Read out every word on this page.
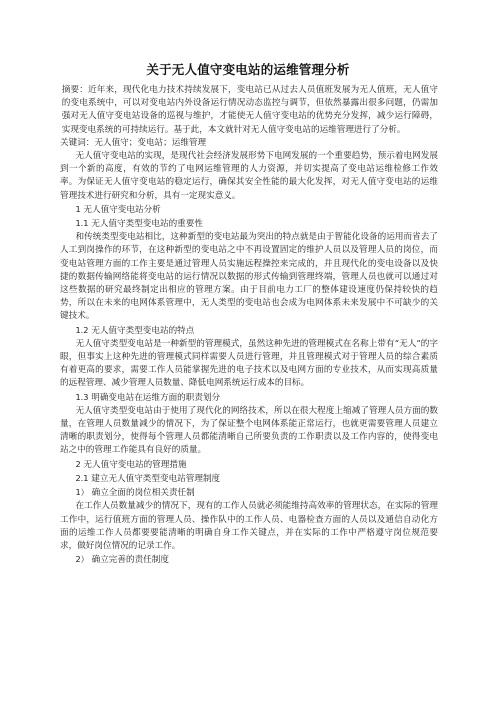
关于无人值守变电站的运维管理分析

摘要：近年来，现代化电力技术持续发展下，变电站已从过去人员值班发展为无人值班，无人值守的变电系统中，可以对变电站内外设备运行情况动态监控与调节，但依然暴露出很多问题，仍需加强对无人值守变电站设备的巡视与维护，才能使无人值守变电站的优势充分发挥，减少运行障碍，实现变电系统的可持续运行。基于此，本文就针对无人值守变电站的运维管理进行了分析。

关键词：无人值守；变电站；运维管理

无人值守变电站的实现，是现代社会经济发展形势下电网发展的一个重要趋势，预示着电网发展到一个新的高度，有效的节约了电网运维管理的人力资源，并切实提高了变电站运维检修工作效率。为保证无人值守变电站的稳定运行，确保其安全性能的最大化发挥，对无人值守变电站的运维管理技术进行研究和分析，具有一定现实意义。

1 无人值守变电站分析

1.1 无人值守类型变电站的重要性

和传统类型变电站相比，这种新型的变电站最为突出的特点就是由于智能化设备的运用而省去了人工到岗操作的环节，在这种新型的变电站之中不再设置固定的维护人员以及管理人员的岗位，而变电站管理方面的工作主要是通过管理人员实施远程操控来完成的，并且现代化的变电设备以及快捷的数据传输网络能将变电站的运行情况以数据的形式传输到管理终端，管理人员也就可以通过对这些数据的研究最终制定出相应的管理方案。由于目前电力工厂的整体建设速度仍保持较快的趋势，所以在未来的电网体系管理中，无人类型的变电站也会成为电网体系未来发展中不可缺少的关键技术。

1.2 无人值守类型变电站的特点

无人值守类型变电站是一种新型的管理模式，虽然这种先进的管理模式在名称上带有“无人”的字眼，但事实上这种先进的管理模式同样需要人员进行管理，并且管理模式对于管理人员的综合素质有着更高的要求，需要工作人员能掌握先进的电子技术以及电网方面的专业技术，从而实现高质量的远程管理、减少管理人员数量、降低电网系统运行成本的目标。

1.3 明确变电站在运维方面的职责划分

无人值守类型变电站由于使用了现代化的网络技术，所以在很大程度上缩减了管理人员方面的数量，在管理人员数量减少的情况下，为了保证整个电网体系能正常运行，也就更需要管理人员建立清晰的职责划分，使得每个管理人员都能清晰自己所要负责的工作职责以及工作内容的，使得变电站之中的管理工作能具有良好的质量。

2 无人值守变电站的管理措施

2.1 建立无人值守类型变电站管理制度

1） 确立全面的岗位相关责任制

在工作人员数量减少的情况下，现有的工作人员就必须能维持高效率的管理状态，在实际的管理工作中，运行值班方面的管理人员、操作队中的工作人员、电器检查方面的人员以及通信自动化方面的运维工作人员都要要能清晰的明确自身工作关键点，并在实际的工作中严格遵守岗位规范要求，做好岗位情况的记录工作。

2） 确立完善的责任制度
